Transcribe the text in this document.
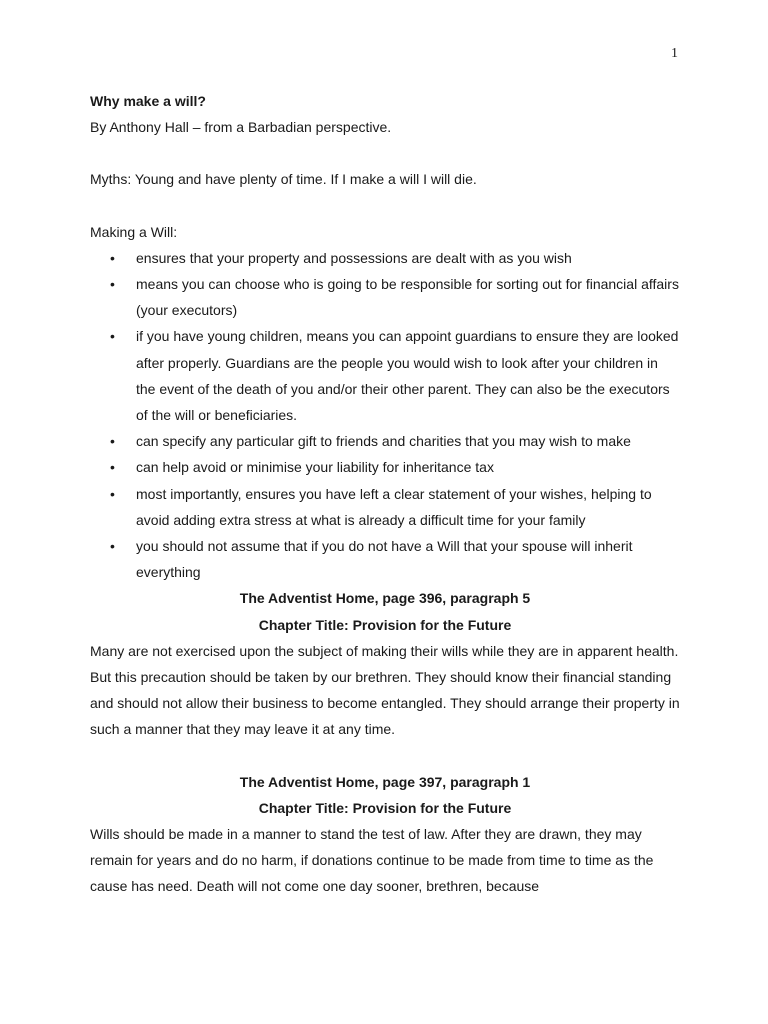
1

Why make a will?

By Anthony Hall – from a Barbadian perspective.

Myths: Young and have plenty of time. If I make a will I will die.

Making a Will:

• ensures that your property and possessions are dealt with as you wish
• means you can choose who is going to be responsible for sorting out for financial affairs (your executors)
• if you have young children, means you can appoint guardians to ensure they are looked after properly. Guardians are the people you would wish to look after your children in the event of the death of you and/or their other parent. They can also be the executors of the will or beneficiaries.
• can specify any particular gift to friends and charities that you may wish to make
• can help avoid or minimise your liability for inheritance tax
• most importantly, ensures you have left a clear statement of your wishes, helping to avoid adding extra stress at what is already a difficult time for your family
• you should not assume that if you do not have a Will that your spouse will inherit everything

The Adventist Home, page 396, paragraph 5

Chapter Title: Provision for the Future

Many are not exercised upon the subject of making their wills while they are in apparent health. But this precaution should be taken by our brethren. They should know their financial standing and should not allow their business to become entangled. They should arrange their property in such a manner that they may leave it at any time.

The Adventist Home, page 397, paragraph 1

Chapter Title: Provision for the Future

Wills should be made in a manner to stand the test of law. After they are drawn, they may remain for years and do no harm, if donations continue to be made from time to time as the cause has need. Death will not come one day sooner, brethren, because
